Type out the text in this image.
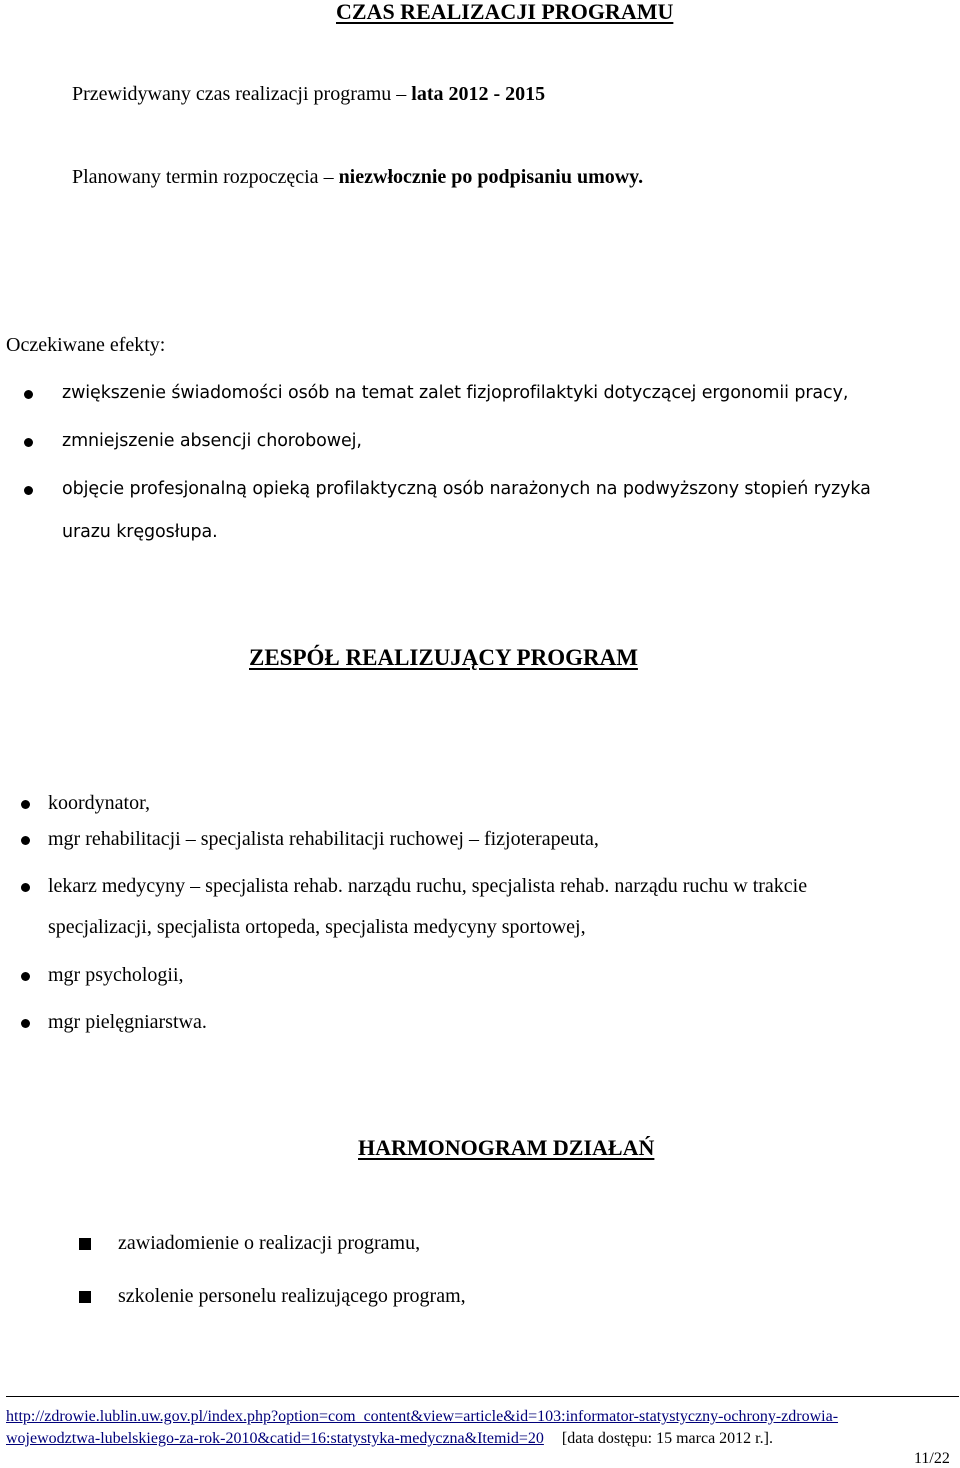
CZAS REALIZACJI PROGRAMU
Przewidywany czas realizacji programu – lata 2012 - 2015
Planowany termin rozpoczęcia – niezwłocznie po podpisaniu umowy.
Oczekiwane efekty:
zwiększenie świadomości osób na temat zalet fizjoprofilaktyki dotyczącej ergonomii pracy,
zmniejszenie absencji chorobowej,
objęcie profesjonalną opieką profilaktyczną osób narażonych na podwyższony stopień ryzyka
urazu kręgosłupa.
ZESPÓŁ REALIZUJĄCY PROGRAM
koordynator,
mgr rehabilitacji – specjalista rehabilitacji ruchowej – fizjoterapeuta,
lekarz medycyny – specjalista rehab. narządu ruchu, specjalista rehab. narządu ruchu w trakcie
specjalizacji, specjalista ortopeda, specjalista medycyny sportowej,
mgr psychologii,
mgr pielęgniarstwa.
HARMONOGRAM DZIAŁAŃ
zawiadomienie o realizacji programu,
szkolenie personelu realizującego program,
http://zdrowie.lublin.uw.gov.pl/index.php?option=com_content&view=article&id=103:informator-statystyczny-ochrony-zdrowia-
wojewodztwa-lubelskiego-za-rok-2010&catid=16:statystyka-medyczna&Itemid=20 [data dostępu: 15 marca 2012 r.].
11/22
